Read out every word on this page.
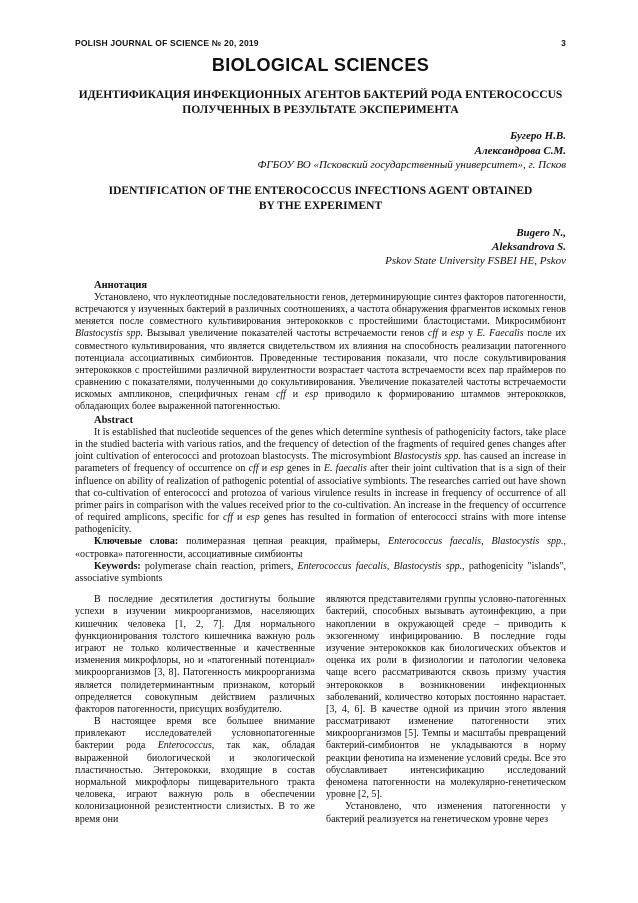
POLISH JOURNAL OF SCIENCE № 20, 2019	3
BIOLOGICAL SCIENCES
ИДЕНТИФИКАЦИЯ ИНФЕКЦИОННЫХ АГЕНТОВ БАКТЕРИЙ РОДА ENTEROCOCCUS ПОЛУЧЕННЫХ В РЕЗУЛЬТАТЕ ЭКСПЕРИМЕНТА
Бугеро Н.В.
Александрова С.М.
ФГБОУ ВО «Псковский государственный университет», г. Псков
IDENTIFICATION OF THE ENTEROCOCCUS INFECTIONS AGENT OBTAINED BY THE EXPERIMENT
Bugero N.,
Aleksandrova S.
Pskov State University FSBEI HE, Pskov

Аннотация

Установлено, что нуклеотидные последовательности генов, детерминирующие синтез факторов патогенности, встречаются у изученных бактерий в различных соотношениях, а частота обнаружения фрагментов искомых генов меняется после совместного культивирования энтерококков с простейшими бластоцистами. Микросимбионт Blastocystis spp. Вызывал увеличение показателей частоты встречаемости генов cff и esp у E. Faecalis после их совместного культивирования, что является свидетельством их влияния на способность реализации патогенного потенциала ассоциативных симбионтов. Проведенные тестирования показали, что после сокультивирования энтерококков с простейшими различной вирулентности возрастает частота встречаемости всех пар праймеров по сравнению с показателями, полученными до сокультивирования. Увеличение показателей частоты встречаемости искомых ампликонов, специфичных генам cff и esp приводило к формированию штаммов энтерококков, обладающих более выраженной патогенностью.

Abstract

It is established that nucleotide sequences of the genes which determine synthesis of pathogenicity factors, take place in the studied bacteria with various ratios, and the frequency of detection of the fragments of required genes changes after joint cultivation of enterococci and protozoan blastocysts. The microsymbiont Blastocystis spp. has caused an increase in parameters of frequency of occurrence on cff и esp genes in E. faecalis after their joint cultivation that is a sign of their influence on ability of realization of pathogenic potential of associative symbionts. The researches carried out have shown that co-cultivation of enterococci and protozoa of various virulence results in increase in frequency of occurrence of all primer pairs in comparison with the values received prior to the co-cultivation. An increase in the frequency of occurrence of required amplicons, specific for cff и esp genes has resulted in formation of enterococci strains with more intense pathogenicity.

Ключевые слова: полимеразная цепная реакция, праймеры, Enterococcus faecalis, Blastocystis spp., «островка» патогенности, ассоциативные симбионты

Keywords: polymerase chain reaction, primers, Enterococcus faecalis, Blastocystis spp., pathogenicity "islands", associative symbionts

В последние десятилетия достигнуты большие успехи в изучении микроорганизмов, населяющих кишечник человека [1, 2, 7]. Для нормального функционирования толстого кишечника важную роль играют не только количественные и качественные изменения микрофлоры, но и «патогенный потенциал» микроорганизмов [3, 8]. Патогенность микроорганизма является полидетерминантным признаком, который определяется совокупным действием различных факторов патогенности, присущих возбудителю.

В настоящее время все большее внимание привлекают исследователей условнопатогенные бактерии рода Enterococcus, так как, обладая выраженной биологической и экологической пластичностью. Энтерококки, входящие в состав нормальной микрофлоры пищеварительного тракта человека, играют важную роль в обеспечении колонизационной резистентности слизистых. В то же время они

являются представителями группы условно-патогенных бактерий, способных вызывать аутоинфекцию, а при накоплении в окружающей среде – приводить к экзогенному инфицированию. В последние годы изучение энтерококков как биологических объектов и оценка их роли в физиологии и патологии человека чаще всего рассматриваются сквозь призму участия энтерококков в возникновении инфекционных заболеваний, количество которых постоянно нарастает. [3, 4, 6]. В качестве одной из причин этого явления рассматривают изменение патогенности этих микроорганизмов [5]. Темпы и масштабы превращений бактерий-симбионтов не укладываются в норму реакции фенотипа на изменение условий среды. Все это обуславливает интенсификацию исследований феномена патогенности на молекулярно-генетическом уровне [2, 5].

Установлено, что изменения патогенности у бактерий реализуется на генетическом уровне через
